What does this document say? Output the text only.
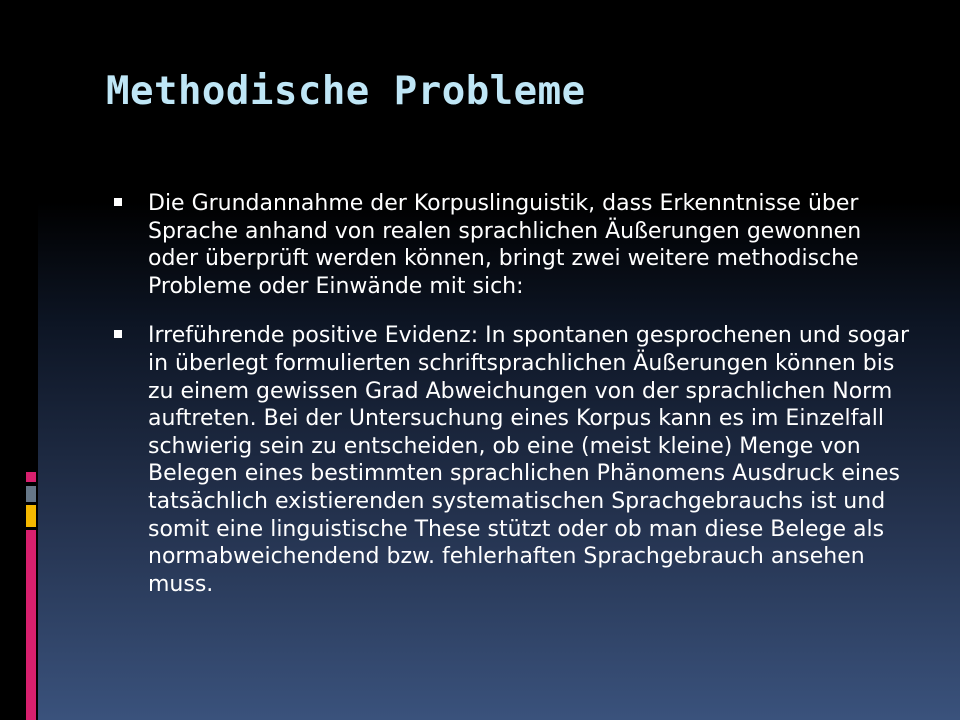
Methodische Probleme
Die Grundannahme der Korpuslinguistik, dass Erkenntnisse über Sprache anhand von realen sprachlichen Äußerungen gewonnen oder überprüft werden können, bringt zwei weitere methodische Probleme oder Einwände mit sich:
Irreführende positive Evidenz: In spontanen gesprochenen und sogar in überlegt formulierten schriftsprachlichen Äußerungen können bis zu einem gewissen Grad Abweichungen von der sprachlichen Norm auftreten. Bei der Untersuchung eines Korpus kann es im Einzelfall schwierig sein zu entscheiden, ob eine (meist kleine) Menge von Belegen eines bestimmten sprachlichen Phänomens Ausdruck eines tatsächlich existierenden systematischen Sprachgebrauchs ist und somit eine linguistische These stützt oder ob man diese Belege als normabweichendend bzw. fehlerhaften Sprachgebrauch ansehen muss.
